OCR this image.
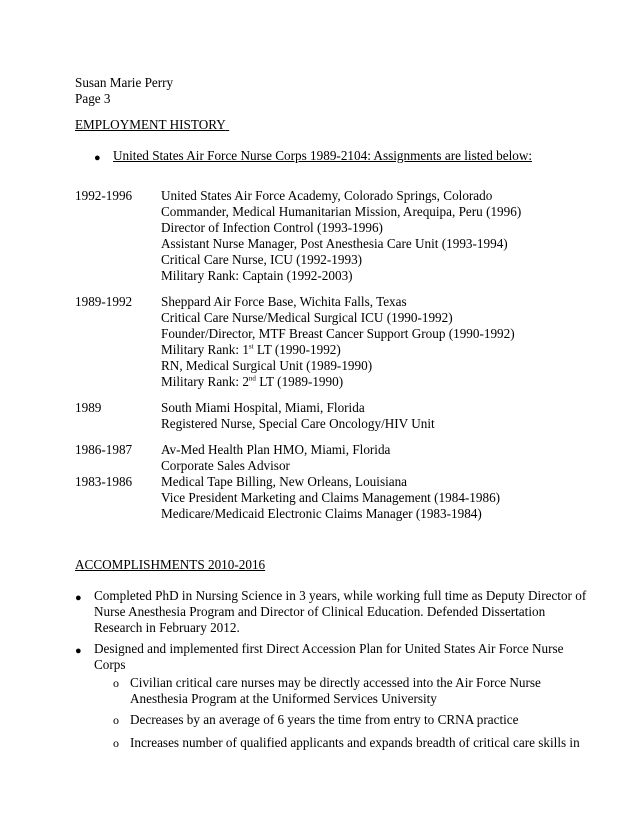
Susan Marie Perry
Page 3
EMPLOYMENT HISTORY
● United States Air Force Nurse Corps 1989-2104: Assignments are listed below:
1992-1996 United States Air Force Academy, Colorado Springs, Colorado
Commander, Medical Humanitarian Mission, Arequipa, Peru (1996)
Director of Infection Control (1993-1996)
Assistant Nurse Manager, Post Anesthesia Care Unit (1993-1994)
Critical Care Nurse, ICU (1992-1993)
Military Rank: Captain (1992-2003)
1989-1992 Sheppard Air Force Base, Wichita Falls, Texas
Critical Care Nurse/Medical Surgical ICU (1990-1992)
Founder/Director, MTF Breast Cancer Support Group (1990-1992)
Military Rank: 1st LT (1990-1992)
RN, Medical Surgical Unit (1989-1990)
Military Rank: 2nd LT (1989-1990)
1989	South Miami Hospital, Miami, Florida
Registered Nurse, Special Care Oncology/HIV Unit
1986-1987 Av-Med Health Plan HMO, Miami, Florida
Corporate Sales Advisor
1983-1986 Medical Tape Billing, New Orleans, Louisiana
Vice President Marketing and Claims Management (1984-1986)
Medicare/Medicaid Electronic Claims Manager (1983-1984)
ACCOMPLISHMENTS 2010-2016
● Completed PhD in Nursing Science in 3 years, while working full time as Deputy Director of
Nurse Anesthesia Program and Director of Clinical Education. Defended Dissertation
Research in February 2012.
● Designed and implemented first Direct Accession Plan for United States Air Force Nurse
Corps
o Civilian critical care nurses may be directly accessed into the Air Force Nurse
Anesthesia Program at the Uniformed Services University
o Decreases by an average of 6 years the time from entry to CRNA practice
o Increases number of qualified applicants and expands breadth of critical care skills in
